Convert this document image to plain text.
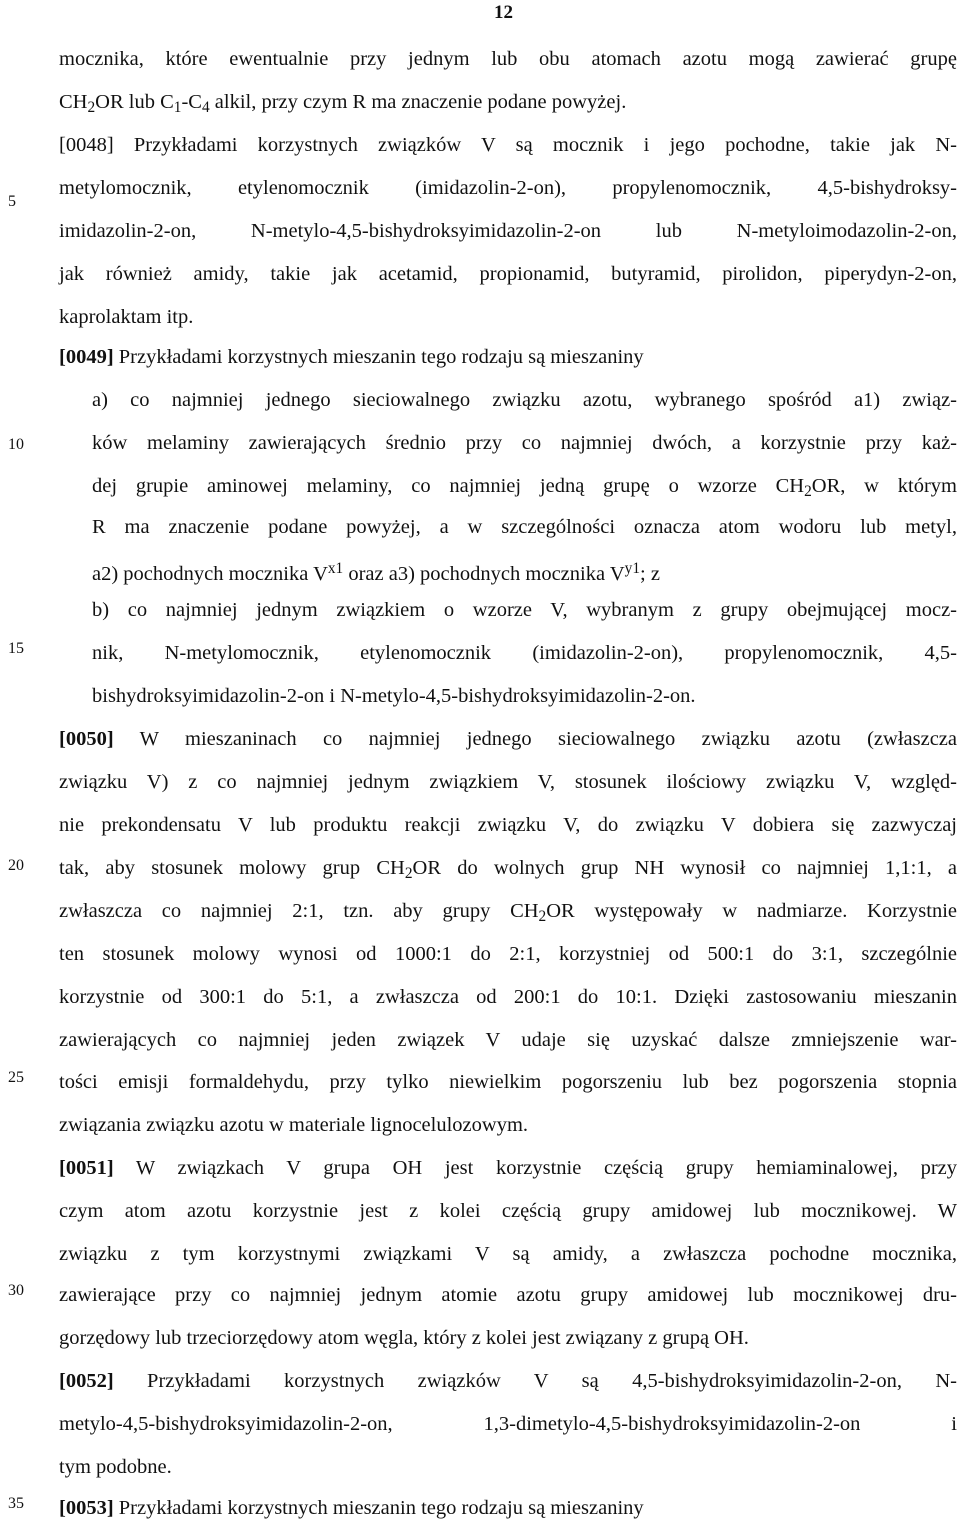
12
5
10
15
20
25
30
35
mocznika, które ewentualnie przy jednym lub obu atomach azotu mogą zawierać grupę
$CH_2OR$ lub $C_1-C_4$ alkil, przy czym R ma znaczenie podane powyżej.
[0048] Przykładami korzystnych związków V są mocznik i jego pochodne, takie jak N-
metylomocznik, etylenomocznik (imidazolin-2-on), propylenomocznik, 4,5-bishydroksy-
imidazolin-2-on, N-metylo-4,5-bishydroksyimidazolin-2-on lub N-metyloimodazolin-2-on,
jak również amidy, takie jak acetamid, propionamid, butyramid, pirolidon, piperydyn-2-on,
kaprolaktam itp.
[0049] Przykładami korzystnych mieszanin tego rodzaju są mieszaniny
a) co najmniej jednego sieciowalnego związku azotu, wybranego spośród a1) związ-
ków melaminy zawierających średnio przy co najmniej dwóch, a korzystnie przy każ-
dej grupie aminowej melaminy, co najmniej jedną grupę o wzorze $CH_2OR$, w którym
R ma znaczenie podane powyżej, a w szczególności oznacza atom wodoru lub metyl,
a2) pochodnych mocznika $V^{x1}$ oraz a3) pochodnych mocznika $V^{y1}$; z
b) co najmniej jednym związkiem o wzorze V, wybranym z grupy obejmującej mocz-
nik, N-metylomocznik, etylenomocznik (imidazolin-2-on), propylenomocznik, 4,5-
bishydroksyimidazolin-2-on i N-metylo-4,5-bishydroksyimidazolin-2-on.
[0050] W mieszaninach co najmniej jednego sieciowalnego związku azotu (zwłaszcza
związku V) z co najmniej jednym związkiem V, stosunek ilościowy związku V, względ-
nie prekondensatu V lub produktu reakcji związku V, do związku V dobiera się zazwyczaj
tak, aby stosunek molowy grup $CH_2OR$ do wolnych grup NH wynosił co najmniej 1,1:1, a
zwłaszcza co najmniej 2:1, tzn. aby grupy $CH_2OR$ występowały w nadmiarze. Korzystnie
ten stosunek molowy wynosi od 1000:1 do 2:1, korzystniej od 500:1 do 3:1, szczególnie
korzystnie od 300:1 do 5:1, a zwłaszcza od 200:1 do 10:1. Dzięki zastosowaniu mieszanin
zawierających co najmniej jeden związek V udaje się uzyskać dalsze zmniejszenie war-
tości emisji formaldehydu, przy tylko niewielkim pogorszeniu lub bez pogorszenia stopnia
związania związku azotu w materiale lignocelulozowym.
[0051] W związkach V grupa OH jest korzystnie częścią grupy hemiaminalowej, przy
czym atom azotu korzystnie jest z kolei częścią grupy amidowej lub mocznikowej. W
związku z tym korzystnymi związkami V są amidy, a zwłaszcza pochodne mocznika,
zawierające przy co najmniej jednym atomie azotu grupy amidowej lub mocznikowej dru-
gorzędowy lub trzeciorzędowy atom węgla, który z kolei jest związany z grupą OH.
[0052] Przykładami korzystnych związków V są 4,5-bishydroksyimidazolin-2-on, N-
metylo-4,5-bishydroksyimidazolin-2-on, 1,3-dimetylo-4,5-bishydroksyimidazolin-2-on i
tym podobne.
[0053] Przykładami korzystnych mieszanin tego rodzaju są mieszaniny
